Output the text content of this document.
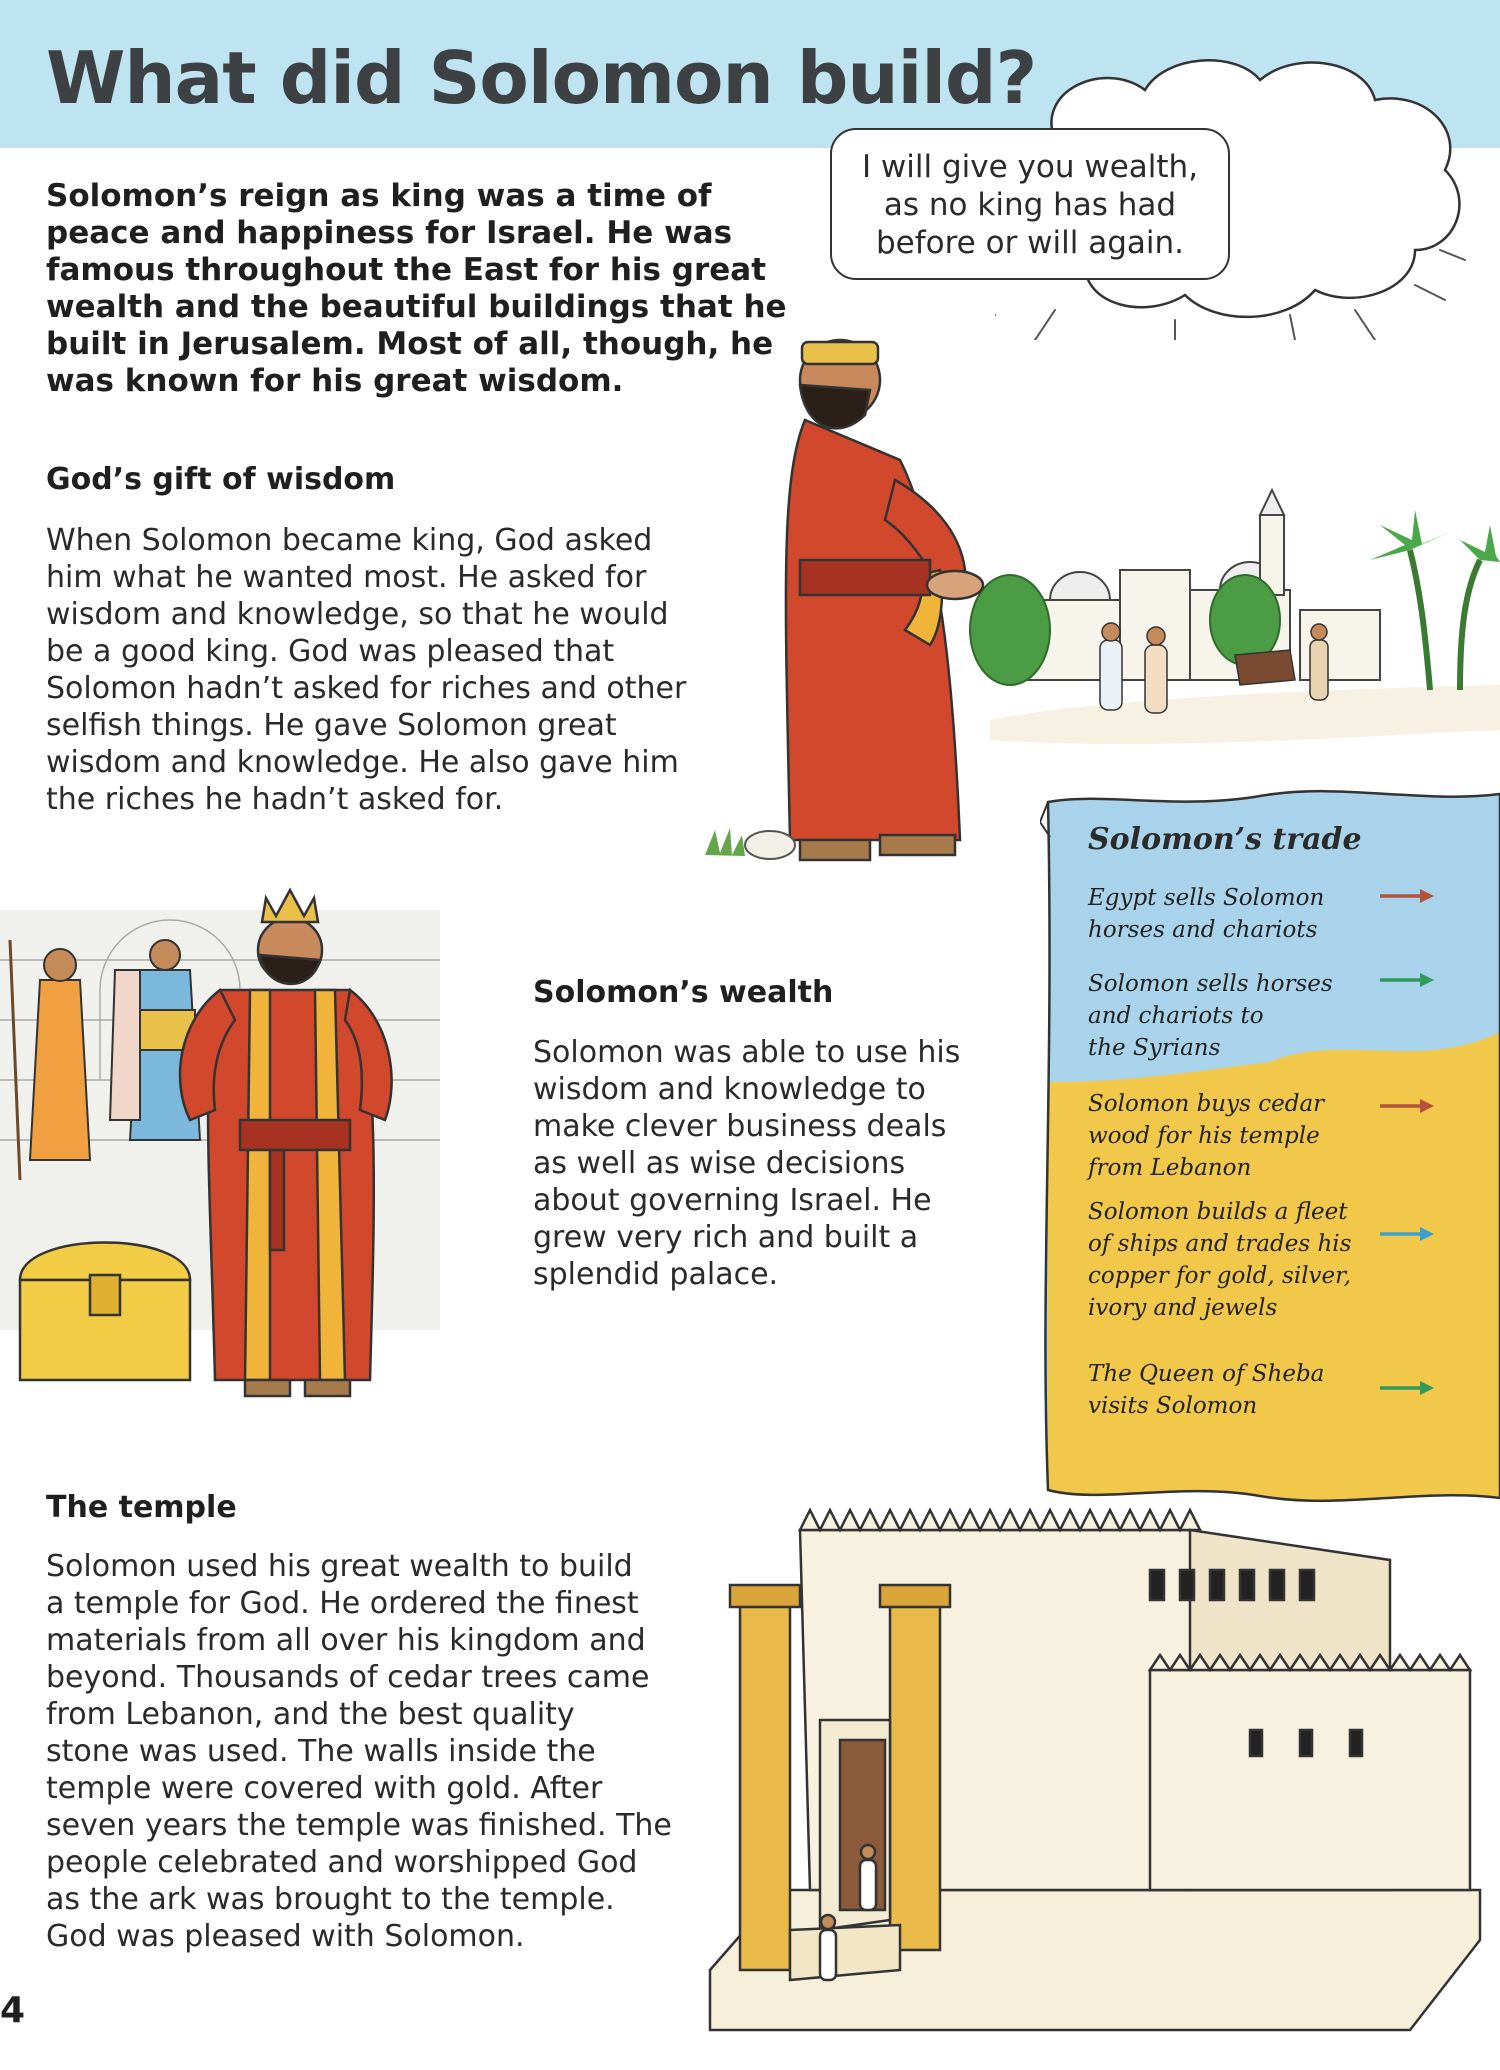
What did Solomon build?
I will give you wealth,
as no king has had
before or will again.

Solomon’s reign as king was a time of
peace and happiness for Israel. He was
famous throughout the East for his great
wealth and the beautiful buildings that he
built in Jerusalem. Most of all, though, he
was known for his great wisdom.

God’s gift of wisdom

When Solomon became king, God asked
him what he wanted most. He asked for
wisdom and knowledge, so that he would
be a good king. God was pleased that
Solomon hadn’t asked for riches and other
selfish things. He gave Solomon great
wisdom and knowledge. He also gave him
the riches he hadn’t asked for.

Solomon’s trade

Egypt sells Solomon
horses and chariots

Solomon sells horses
and chariots to
the Syrians

Solomon buys cedar
wood for his temple
from Lebanon

Solomon builds a fleet
of ships and trades his
copper for gold, silver,
ivory and jewels

The Queen of Sheba
visits Solomon

Solomon’s wealth

Solomon was able to use his
wisdom and knowledge to
make clever business deals
as well as wise decisions
about governing Israel. He
grew very rich and built a
splendid palace.

The temple

Solomon used his great wealth to build
a temple for God. He ordered the finest
materials from all over his kingdom and
beyond. Thousands of cedar trees came
from Lebanon, and the best quality
stone was used. The walls inside the
temple were covered with gold. After
seven years the temple was finished. The
people celebrated and worshipped God
as the ark was brought to the temple.
God was pleased with Solomon.

4
